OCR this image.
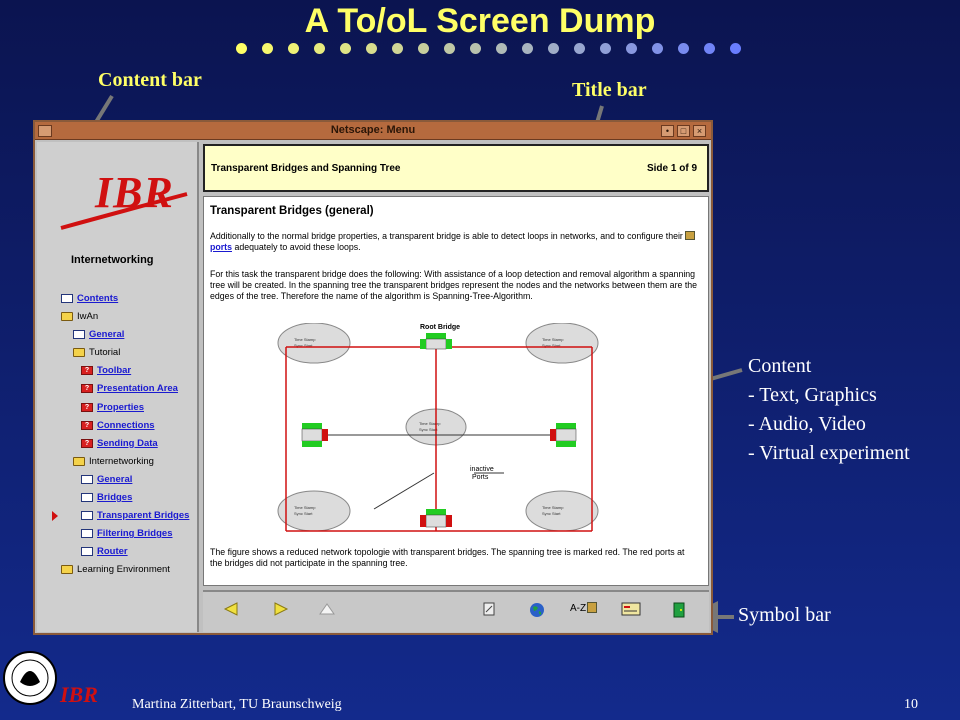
A To/oL Screen Dump
Content bar	Title bar
Content
- Text, Graphics
- Audio, Video
- Virtual experiment
Symbol bar
Netscape: Menu	•	□	×
IBR
Internetworking
Contents
IwAn
General
Tutorial
? Toolbar
? Presentation Area
? Properties
? Connections
? Sending Data
Internetworking
General
Bridges
Transparent Bridges
Filtering Bridges
Router
Learning Environment
Transparent Bridges and Spanning Tree	Side 1 of 9
Transparent Bridges (general)
Additionally to the normal bridge properties, a transparent bridge is able to detect loops in networks, and to configure their ports adequately to avoid these loops.
For this task the transparent bridge does the following: With assistance of a loop detection and removal algorithm a spanning tree will be created. In the spanning tree the transparent bridges represent the nodes and the networks between them are the edges of the tree. Therefore the name of the algorithm is Spanning-Tree-Algorithm.
Time Stamp
Sync Start
Time Stamp
Sync Start
Time Stamp
Sync Start
Time Stamp
Sync Start
Time Stamp
Sync Start
Root Bridge
inactive
Ports
The figure shows a reduced network topologie with transparent bridges. The spanning tree is marked red. The red ports at the bridges did not participate in the spanning tree.
A-Z
IBR Martina Zitterbart, TU Braunschweig	10
